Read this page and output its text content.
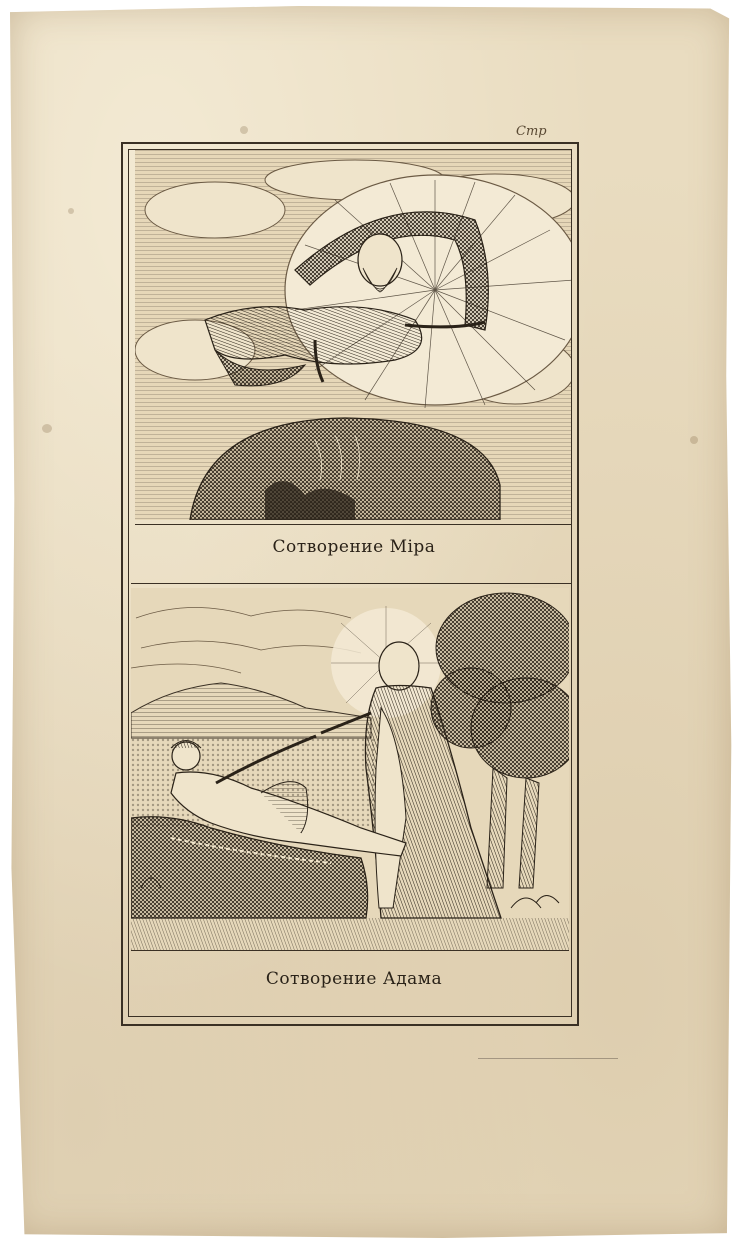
Стр
Сотворение Міра
Сотворение Адама
